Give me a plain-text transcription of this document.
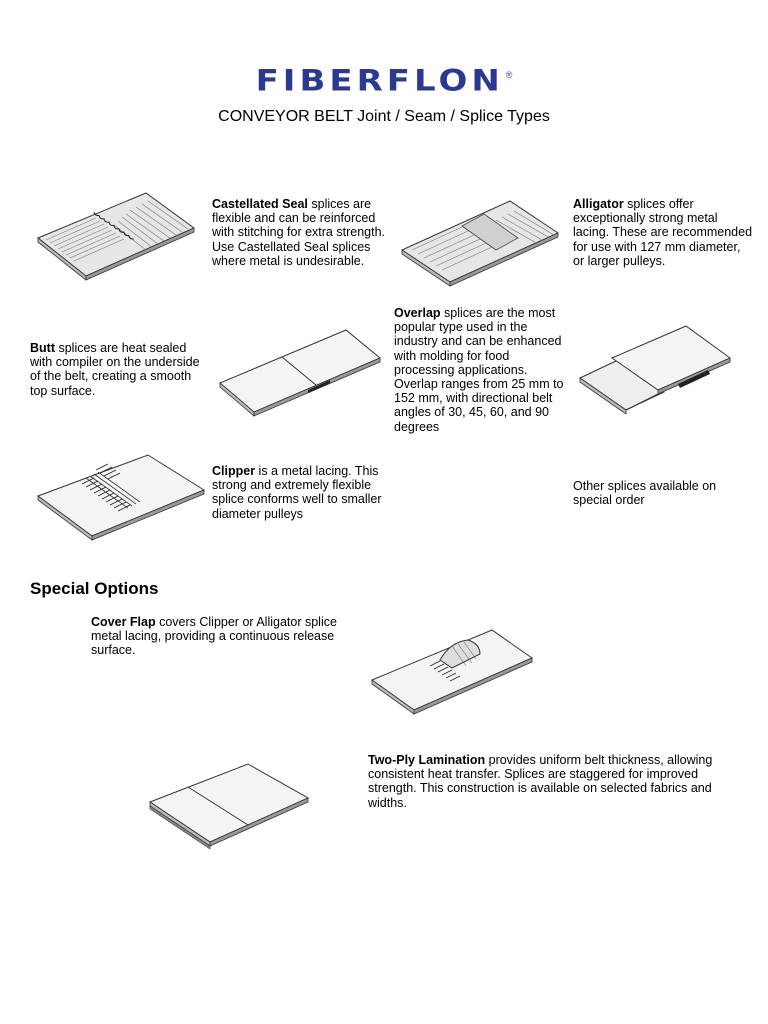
FIBERFLON ®
CONVEYOR BELT Joint / Seam / Splice Types
Castellated Seal splices are flexible and can be reinforced with stitching for extra strength. Use Castellated Seal splices where metal is undesirable.
Alligator splices offer exceptionally strong metal lacing. These are recommended for use with 127 mm diameter, or larger pulleys.
Overlap splices are the most popular type used in the industry and can be enhanced with molding for food processing applications. Overlap ranges from 25 mm to 152 mm, with directional belt angles of 30, 45, 60, and 90 degrees
Butt splices are heat sealed with compiler on the underside of the belt, creating a smooth top surface.
Clipper is a metal lacing. This strong and extremely flexible splice conforms well to smaller diameter pulleys
Other splices available on special order
Special Options
Cover Flap covers Clipper or Alligator splice metal lacing, providing a continuous release surface.
Two-Ply Lamination provides uniform belt thickness, allowing consistent heat transfer. Splices are staggered for improved strength. This construction is available on selected fabrics and widths.
